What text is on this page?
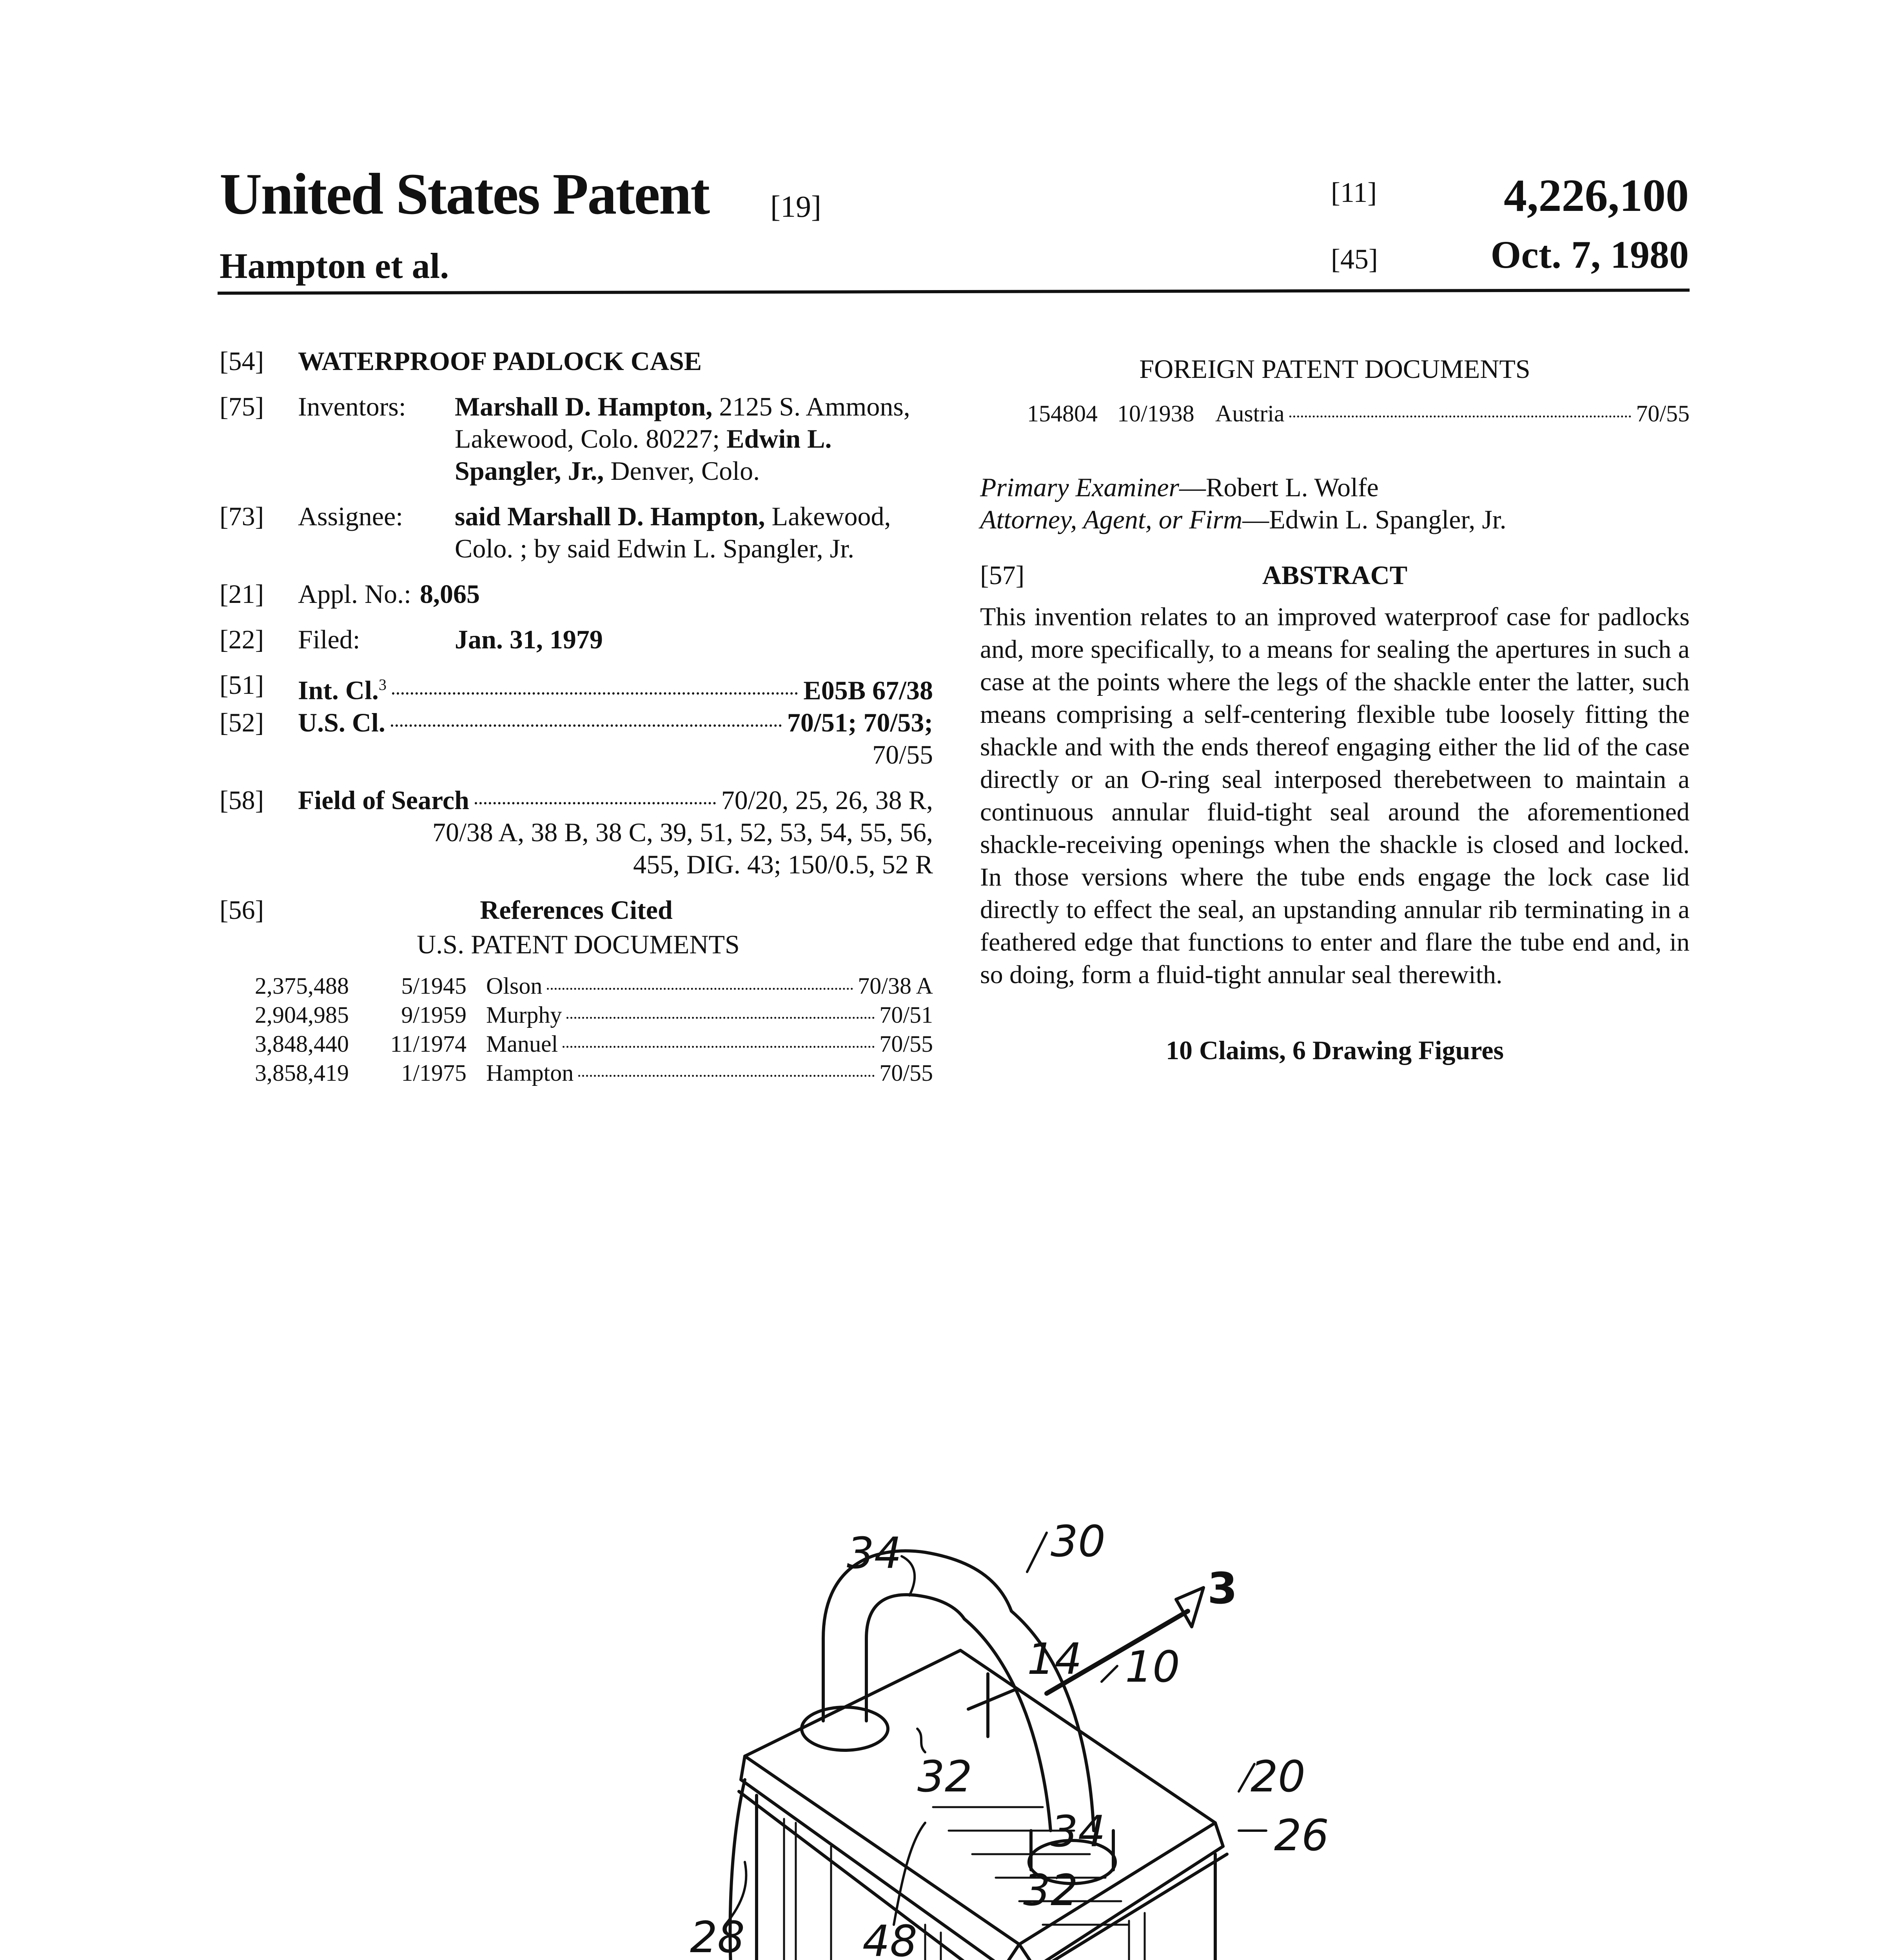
United States Patent [19]
Hampton et al.
[11]
[45]
4,226,100
Oct. 7, 1980
[54]	WATERPROOF PADLOCK CASE
[75]	Inventors:	Marshall D. Hampton, 2125 S. Ammons, Lakewood, Colo. 80227; Edwin L. Spangler, Jr., Denver, Colo.
[73]	Assignee:	said Marshall D. Hampton, Lakewood, Colo. ; by said Edwin L. Spangler, Jr.
[21]	Appl. No.: 8,065
[22]	Filed:	Jan. 31, 1979
[51]	Int. Cl.$^3$	E05B 67/38
[52]	U.S. Cl.	70/51; 70/53;
70/55
[58]	Field of Search	70/20, 25, 26, 38 R,
70/38 A, 38 B, 38 C, 39, 51, 52, 53, 54, 55, 56,
455, DIG. 43; 150/0.5, 52 R
[56]	References Cited
U.S. PATENT DOCUMENTS
2,375,488	5/1945 Olson	70/38 A
2,904,985	9/1959 Murphy	70/51
3,848,440	11/1974 Manuel	70/55
3,858,419	1/1975 Hampton	70/55
FOREIGN PATENT DOCUMENTS
154804 10/1938 Austria	70/55
Primary Examiner—Robert L. Wolfe
Attorney, Agent, or Firm—Edwin L. Spangler, Jr.
[57]	ABSTRACT

This invention relates to an improved waterproof case for padlocks and, more specifically, to a means for sealing the apertures in such a case at the points where the legs of the shackle enter the latter, such means comprising a self-centering flexible tube loosely fitting the shackle and with the ends thereof engaging either the lid of the case directly or an O-ring seal interposed therebetween to maintain a continuous annular fluid-tight seal around the aforementioned shackle-receiving openings when the shackle is closed and locked. In those versions where the tube ends engage the lock case lid directly to effect the seal, an upstanding annular rib terminating in a feathered edge that functions to enter and flare the tube end and, in so doing, form a fluid-tight annular seal therewith.

10 Claims, 6 Drawing Figures
30
34
3
14 10
32	20
34	26
32
28	48
